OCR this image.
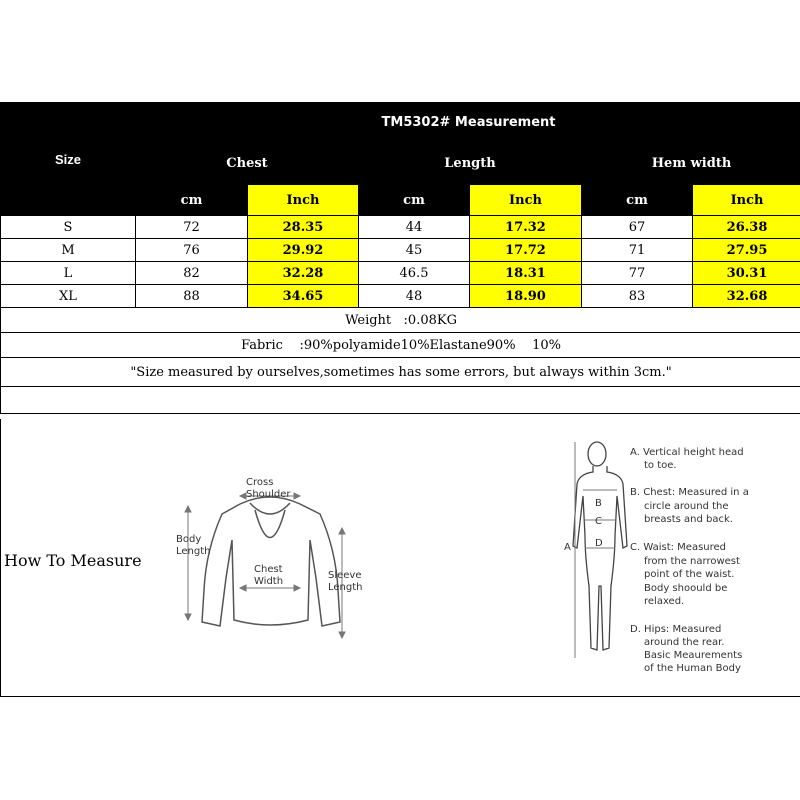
Size	TM5302# Measurement					
	Chest		Length		Hem width	
	cm	Inch	cm	Inch	cm	Inch
S	72	28.35	44	17.32	67	26.38
M	76	29.92	45	17.72	71	27.95
L	82	32.28	46.5	18.31	77	30.31
XL	88	34.65	48	18.90	83	32.68
Weight   :0.08KG						
Fabric    :90%polyamide10%Elastane90%    10%						
"Size measured by ourselves,sometimes has some errors, but always within 3cm."						

How To Measure
Cross
Shoulder
Body
Length
Chest
Width
Sleeve
Length
A
B
C
D
A. Vertical height head
to toe.
B. Chest: Measured in a
circle around the
breasts and back.
C. Waist: Measured
from the narrowest
point of the waist.
Body shoould be
relaxed.
D. Hips: Measured
around the rear.
Basic Meaurements
of the Human Body
